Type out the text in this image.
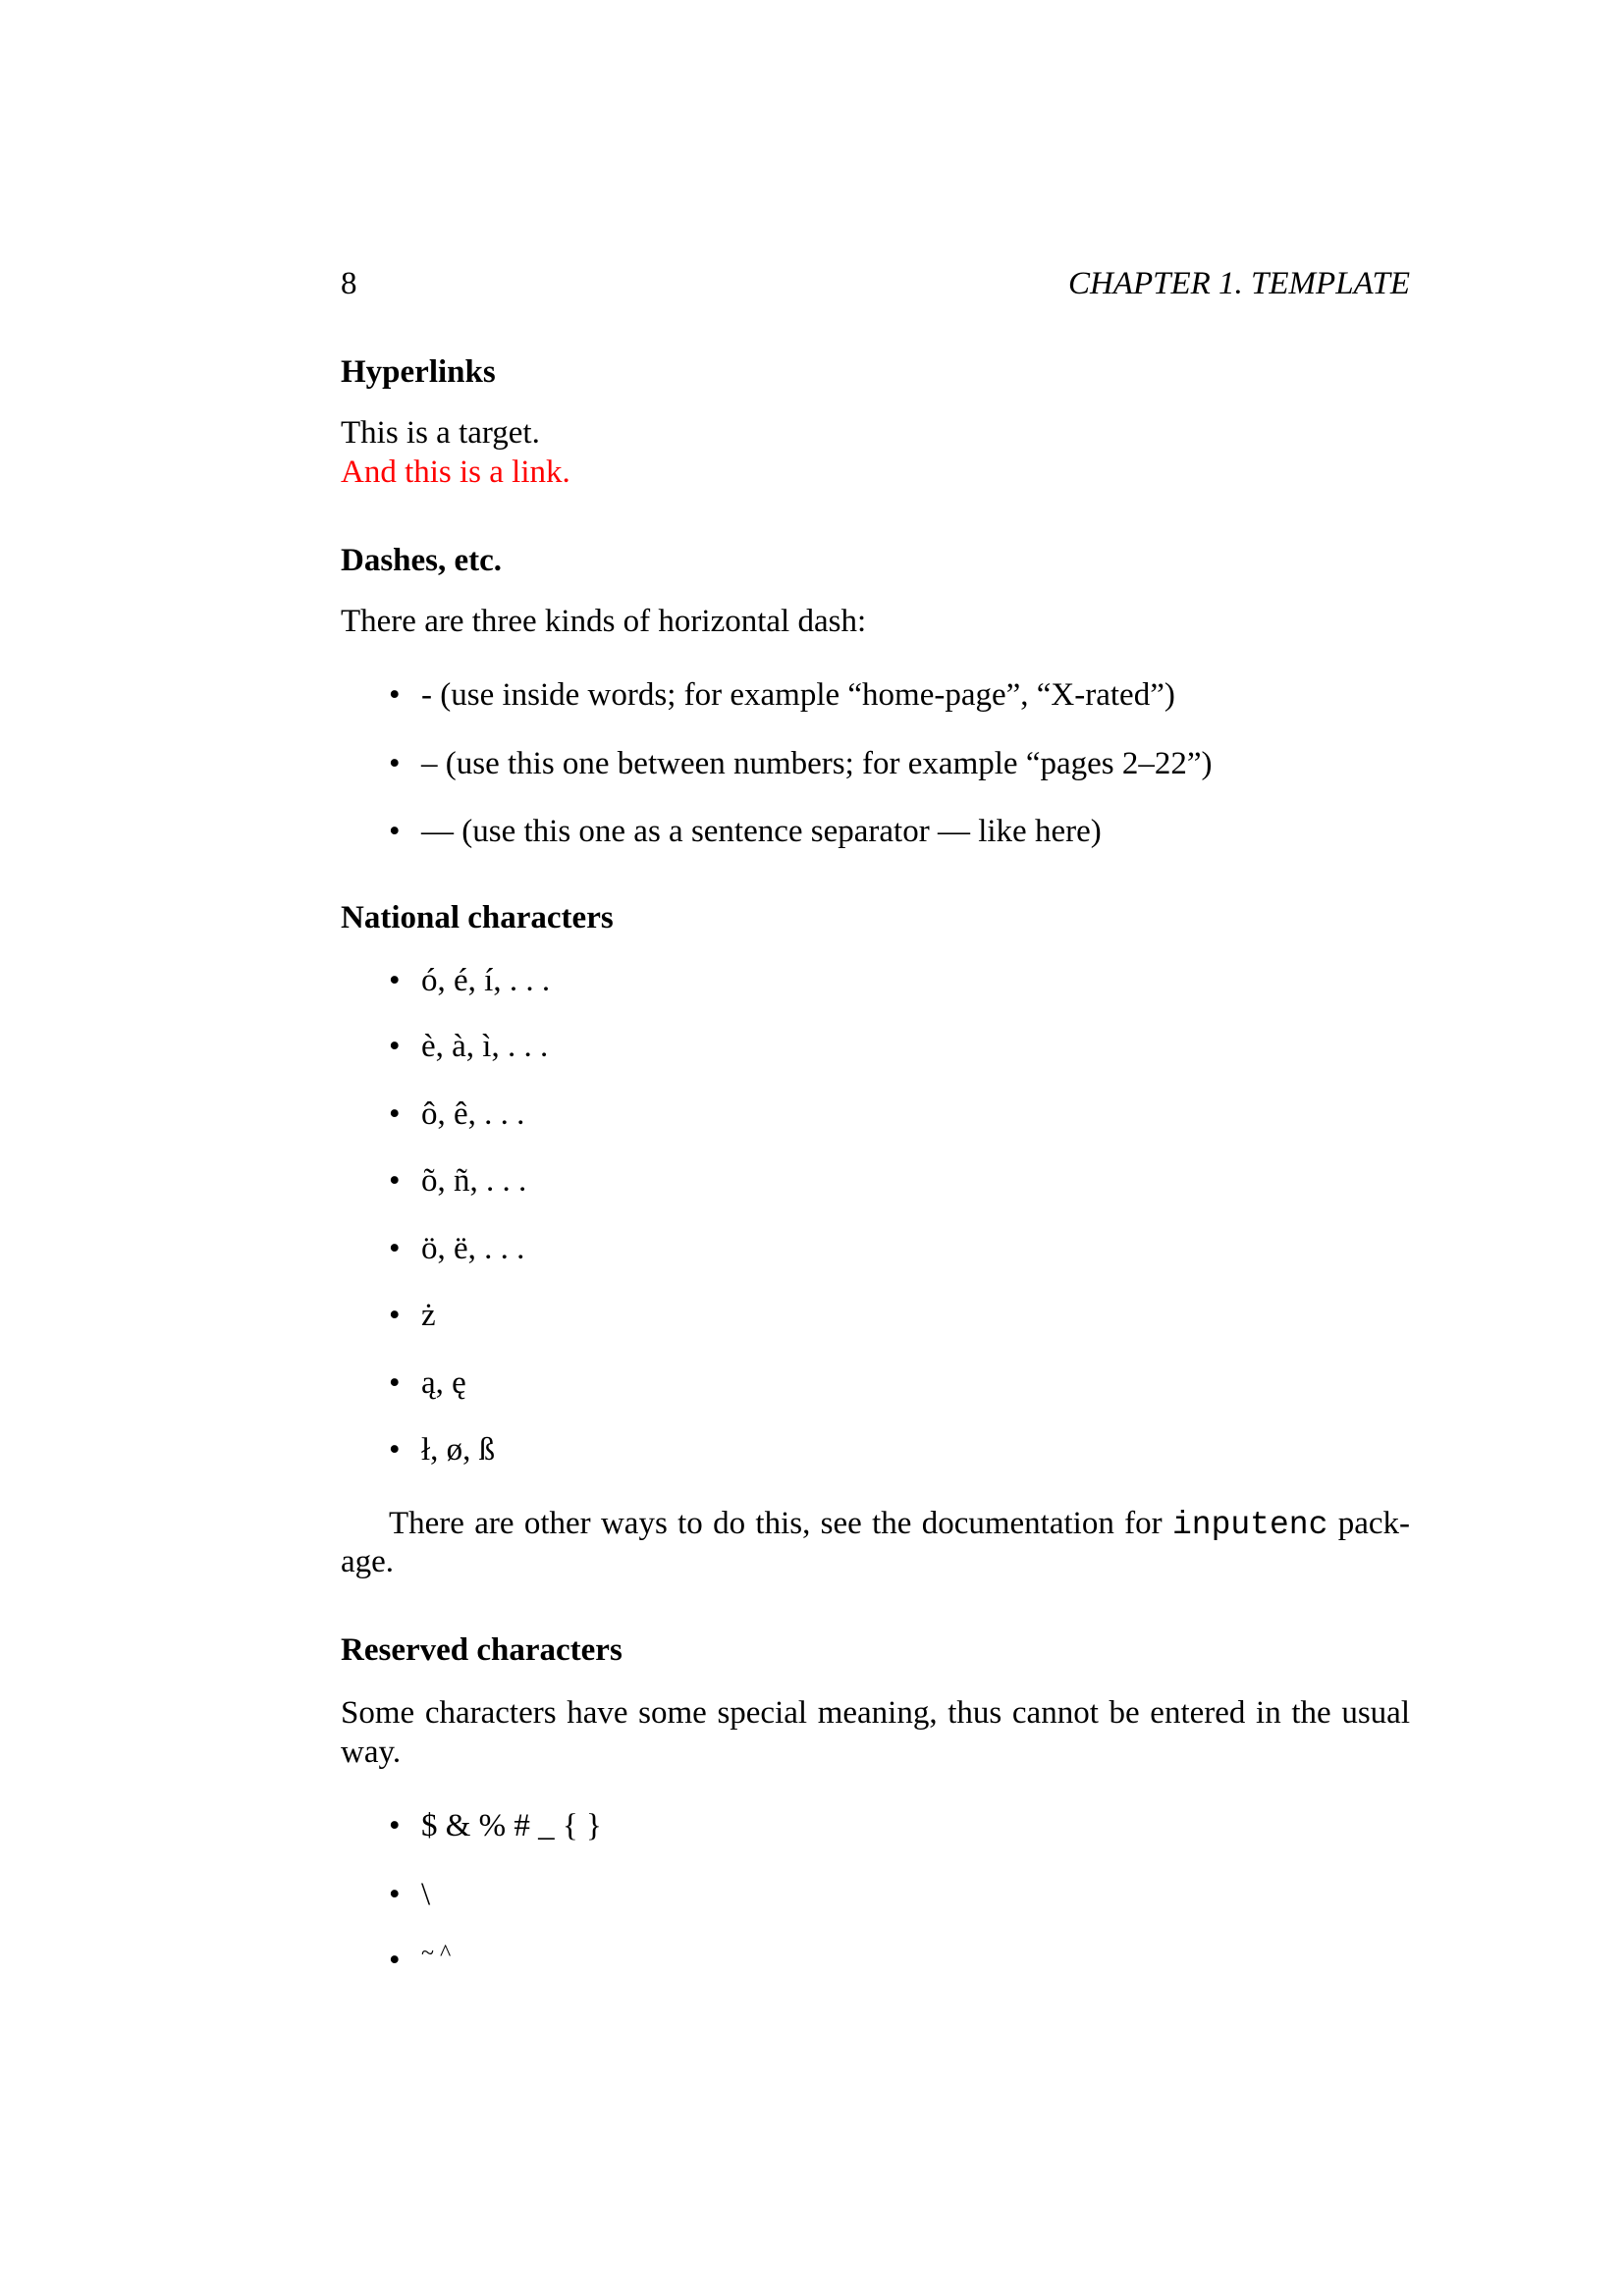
8	CHAPTER 1. TEMPLATE
Hyperlinks
This is a target.
And this is a link.
Dashes, etc.
There are three kinds of horizontal dash:
• - (use inside words; for example “home-page”, “X-rated”)
• – (use this one between numbers; for example “pages 2–22”)
• — (use this one as a sentence separator — like here)
National characters
• ó, é, í, . . .
• è, à, ì, . . .
• ô, ê, . . .
• õ, ñ, . . .
• ö, ë, . . .
• ż
• ą, ę
• ł, ø, ß
There are other ways to do this, see the documentation for inputenc pack-
age.
Reserved characters
Some characters have some special meaning, thus cannot be entered in the usual
way.
• $ & % # _ { }
• \
• ~ ^
